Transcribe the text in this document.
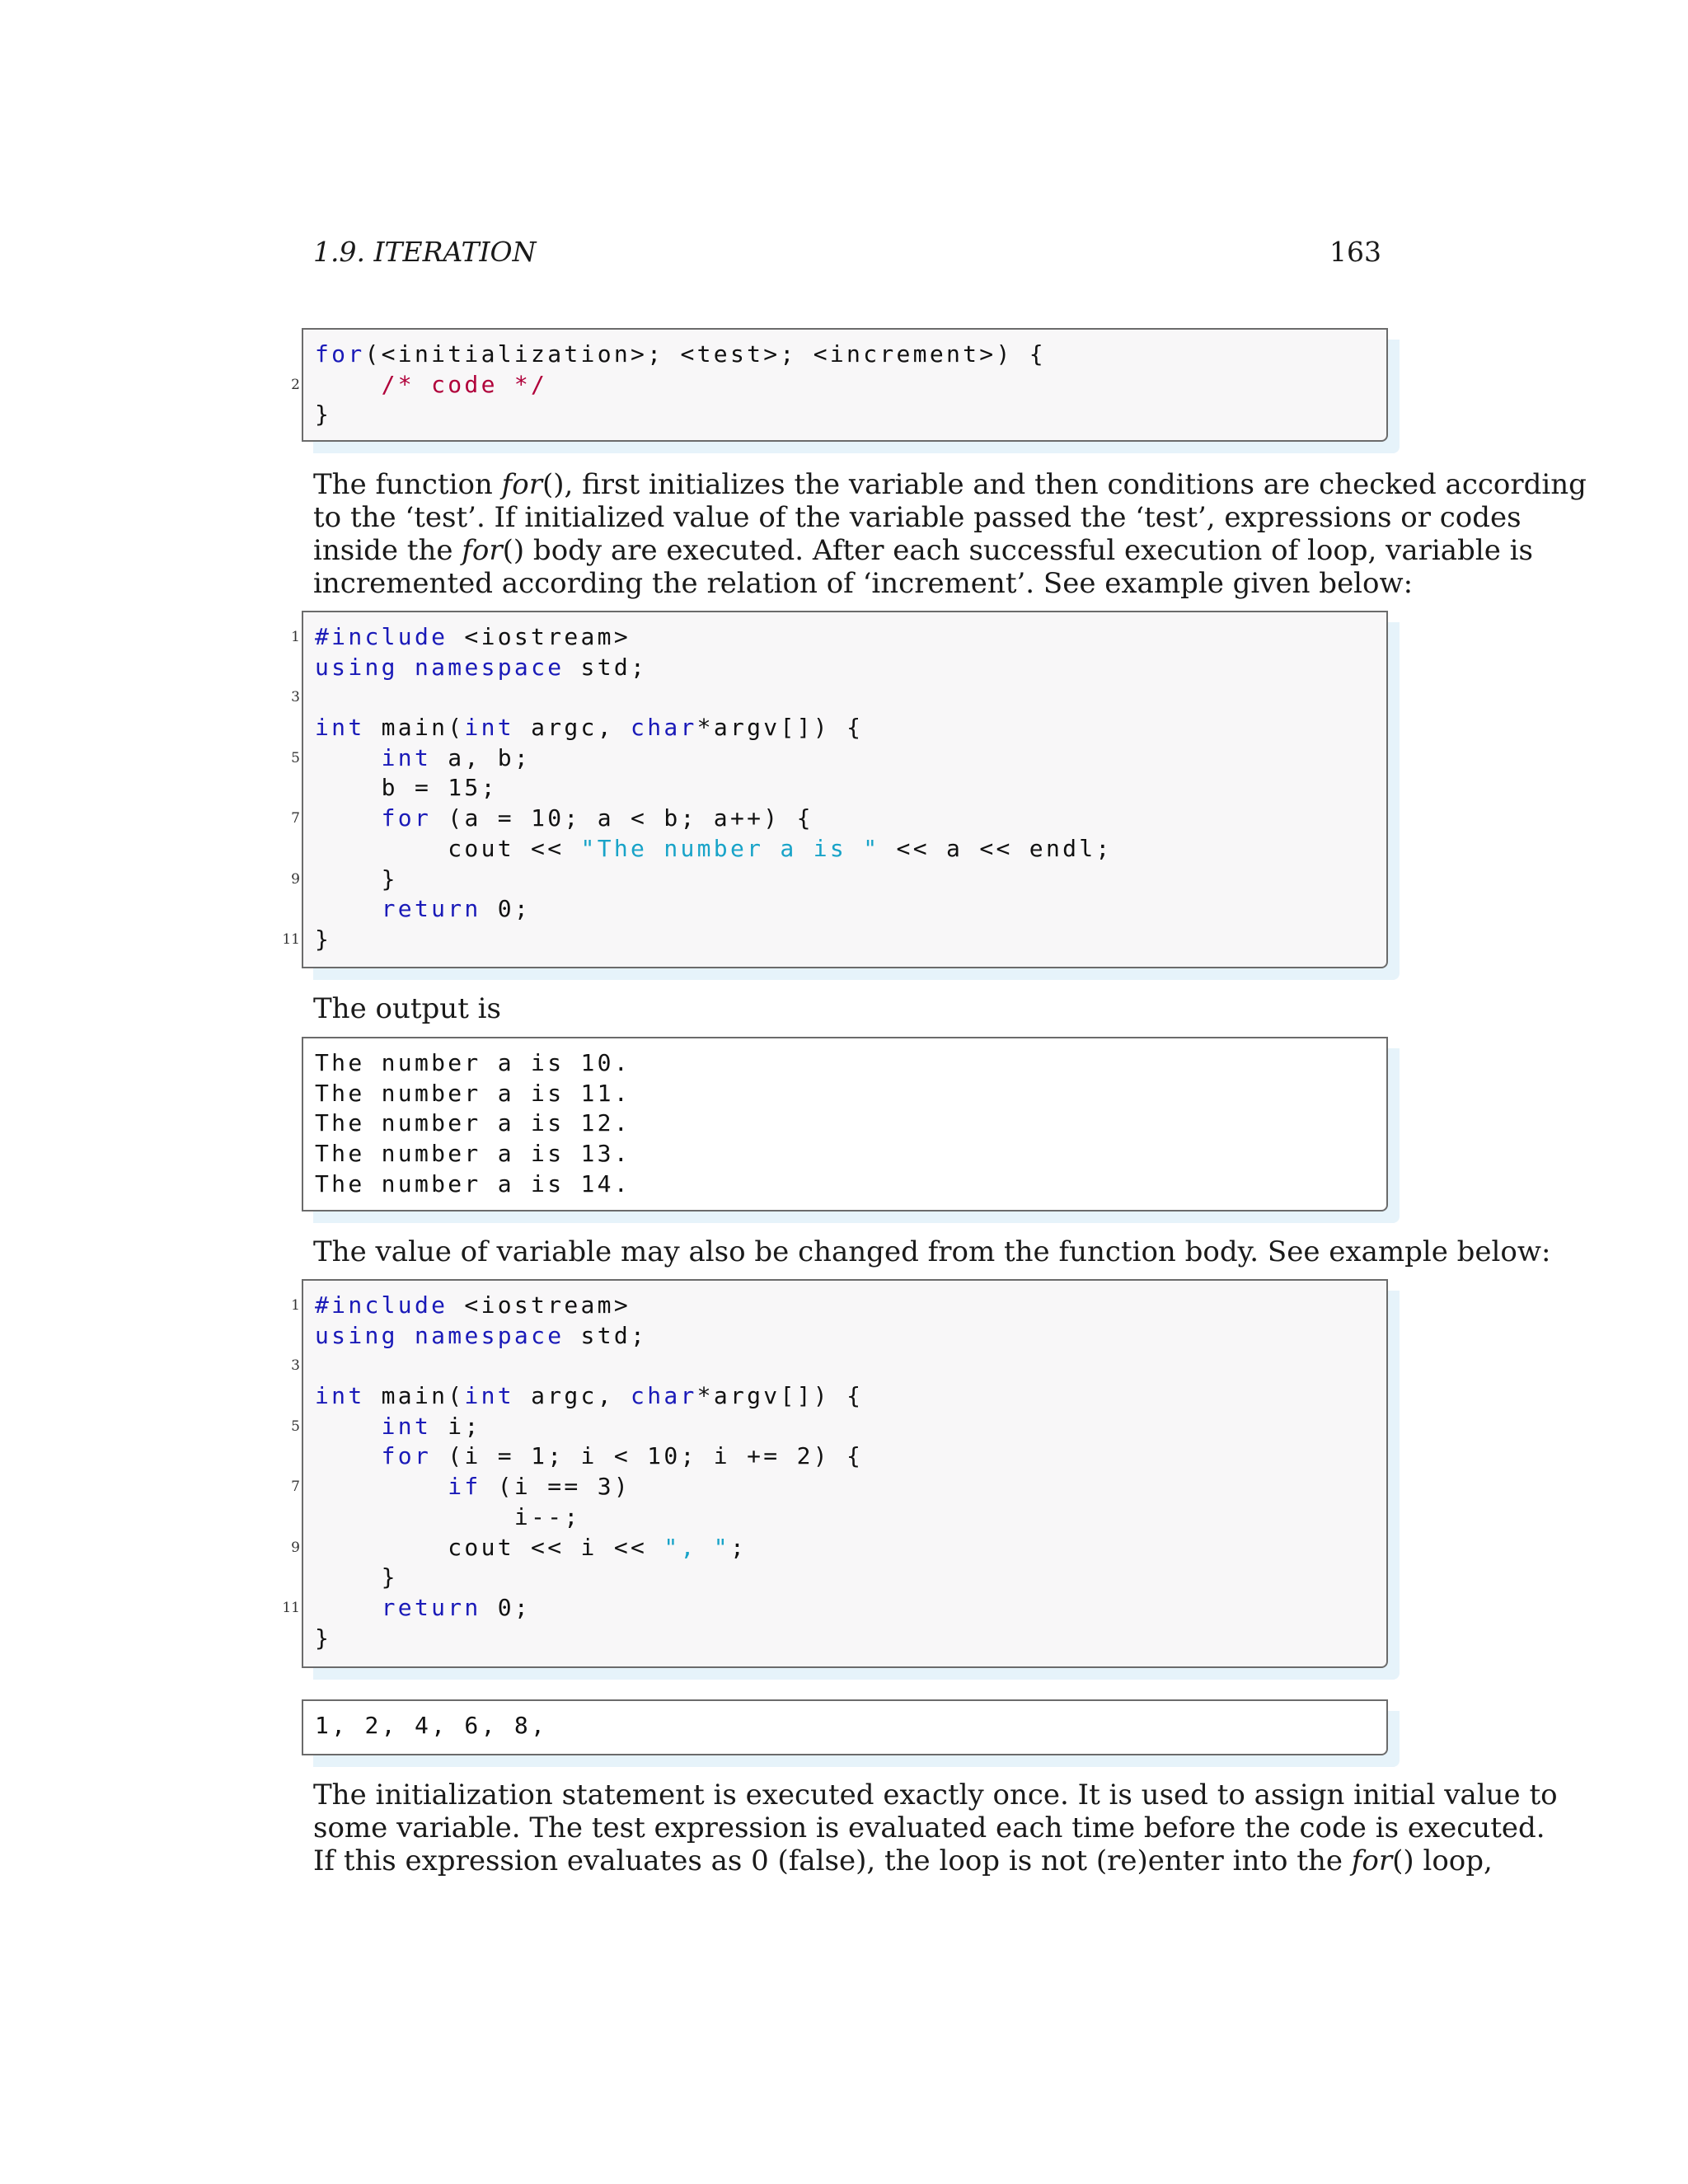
1.9. ITERATION	163
for(<initialization>; <test>; <increment>) {
2	/* code */
}
The function for(), first initializes the variable and then conditions are checked according
to the ‘test’. If initialized value of the variable passed the ‘test’, expressions or codes
inside the for() body are executed. After each successful execution of loop, variable is
incremented according the relation of ‘increment’. See example given below:
1 #include <iostream>
using namespace std;
3
int main(int argc, char*argv[]) {
5	int a, b;
b = 15;
7	for (a = 10; a < b; a++) {
cout << "The number a is " << a << endl;
9 }
return 0;
11 }
The output is
The number a is 10.
The number a is 11.
The number a is 12.
The number a is 13.
The number a is 14.
The value of variable may also be changed from the function body. See example below:
1 #include <iostream>
using namespace std;
3
int main(int argc, char*argv[]) {
5	int i;
for (i = 1; i < 10; i += 2) {
7	if (i == 3)
i--;
9 cout << i << ", ";
}
11	return 0;
}
1, 2, 4, 6, 8,
The initialization statement is executed exactly once. It is used to assign initial value to
some variable. The test expression is evaluated each time before the code is executed.
If this expression evaluates as 0 (false), the loop is not (re)enter into the for() loop,
